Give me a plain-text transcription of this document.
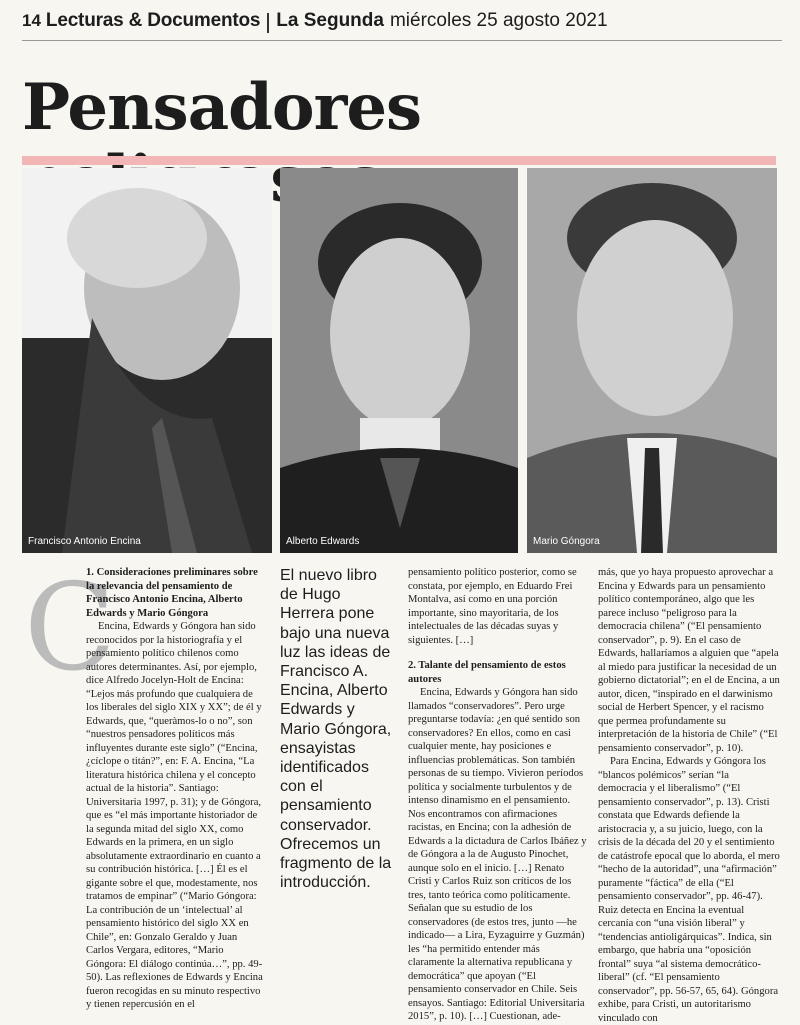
14 Lecturas & Documentos La Segunda miércoles 25 agosto 2021
Pensadores
Francisco Antonio Encina	Alberto Edwards	Mario Góngora
C
1. Consideraciones preliminares sobre la relevancia del pensamiento de Francisco Antonio Encina, Alberto Edwards y Mario Góngora

Encina, Edwards y Góngora han sido reconocidos por la historiografía y el pensamiento político chilenos como autores determinantes. Así, por ejemplo, dice Alfredo Jocelyn-Holt de Encina: “Lejos más profundo que cualquiera de los liberales del siglo XIX y XX”; de él y Edwards, que, “queràmos-lo o no”, son “nuestros pensadores políticos más influyentes durante este siglo” (“Encina, ¿cíclope o titán?”, en: F. A. Encina, “La literatura histórica chilena y el concepto actual de la historia”. Santiago: Universitaria 1997, p. 31); y de Góngora, que es “el más importante historiador de la segunda mitad del siglo XX, como Edwards en la primera, en un siglo absolutamente extraordinario en cuanto a su contribución histórica. […] Él es el gigante sobre el que, modestamente, nos tratamos de empinar” (“Mario Góngora: La contribución de un ‘intelectual’ al pensamiento histórico del siglo XX en Chile”, en: Gonzalo Geraldo y Juan Carlos Vergara, editores, “Mario Góngora: El diálogo continúa…”, pp. 49-50). Las reflexiones de Edwards y Encina fueron recogidas en su minuto respectivo y tienen repercusión en el

El nuevo libro de Hugo Herrera pone bajo una nueva luz las ideas de Francisco A. Encina, Alberto Edwards y Mario Góngora, ensayistas identificados con el pensamiento conservador. Ofrecemos un fragmento de la introducción.

pensamiento político posterior, como se constata, por ejemplo, en Eduardo Frei Montalva, así como en una porción importante, sino mayoritaria, de los intelectuales de las décadas suyas y siguientes. […]

2. Talante del pensamiento de estos autores

Encina, Edwards y Góngora han sido llamados “conservadores”. Pero urge preguntarse todavía: ¿en qué sentido son conservadores? En ellos, como en casi cualquier mente, hay posiciones e influencias problemáticas. Son también personas de su tiempo. Vivieron períodos política y socialmente turbulentos y de intenso dinamismo en el pensamiento. Nos encontramos con afirmaciones racistas, en Encina; con la adhesión de Edwards a la dictadura de Carlos Ibáñez y de Góngora a la de Augusto Pinochet, aunque solo en el inicio. […] Renato Cristi y Carlos Ruiz son críticos de los tres, tanto teórica como políticamente. Señalan que su estudio de los conservadores (de estos tres, junto —he indicado— a Lira, Eyzaguirre y Guzmán) les “ha permitido entender más claramente la alternativa republicana y democrática” que apoyan (“El pensamiento conservador en Chile. Seis ensayos. Santiago: Editorial Universitaria 2015”, p. 10). […] Cuestionan, ade-

más, que yo haya propuesto aprovechar a Encina y Edwards para un pensamiento político contemporáneo, algo que les parece incluso “peligroso para la democracia chilena” (“El pensamiento conservador”, p. 9). En el caso de Edwards, hallaríamos a alguien que “apela al miedo para justificar la necesidad de un gobierno dictatorial”; en el de Encina, a un autor, dicen, “inspirado en el darwinismo social de Herbert Spencer, y el racismo que permea profundamente su interpretación de la historia de Chile” (“El pensamiento conservador”, p. 10).

Para Encina, Edwards y Góngora los “blancos polémicos” serían “la democracia y el liberalismo” (“El pensamiento conservador”, p. 13). Cristi constata que Edwards defiende la aristocracia y, a su juicio, luego, con la crisis de la década del 20 y el sentimiento de catástrofe epocal que lo aborda, el mero “hecho de la autoridad”, una “afirmación” puramente “fáctica” de ella (“El pensamiento conservador”, pp. 46-47). Ruiz detecta en Encina la eventual cercanía con “una visión liberal” y “tendencias antioligárquicas”. Indica, sin embargo, que habría una “oposición frontal” suya “al sistema democrático-liberal” (cf. “El pensamiento conservador”, pp. 56-57, 65, 64). Góngora exhibe, para Cristi, un autoritarismo vinculado con
